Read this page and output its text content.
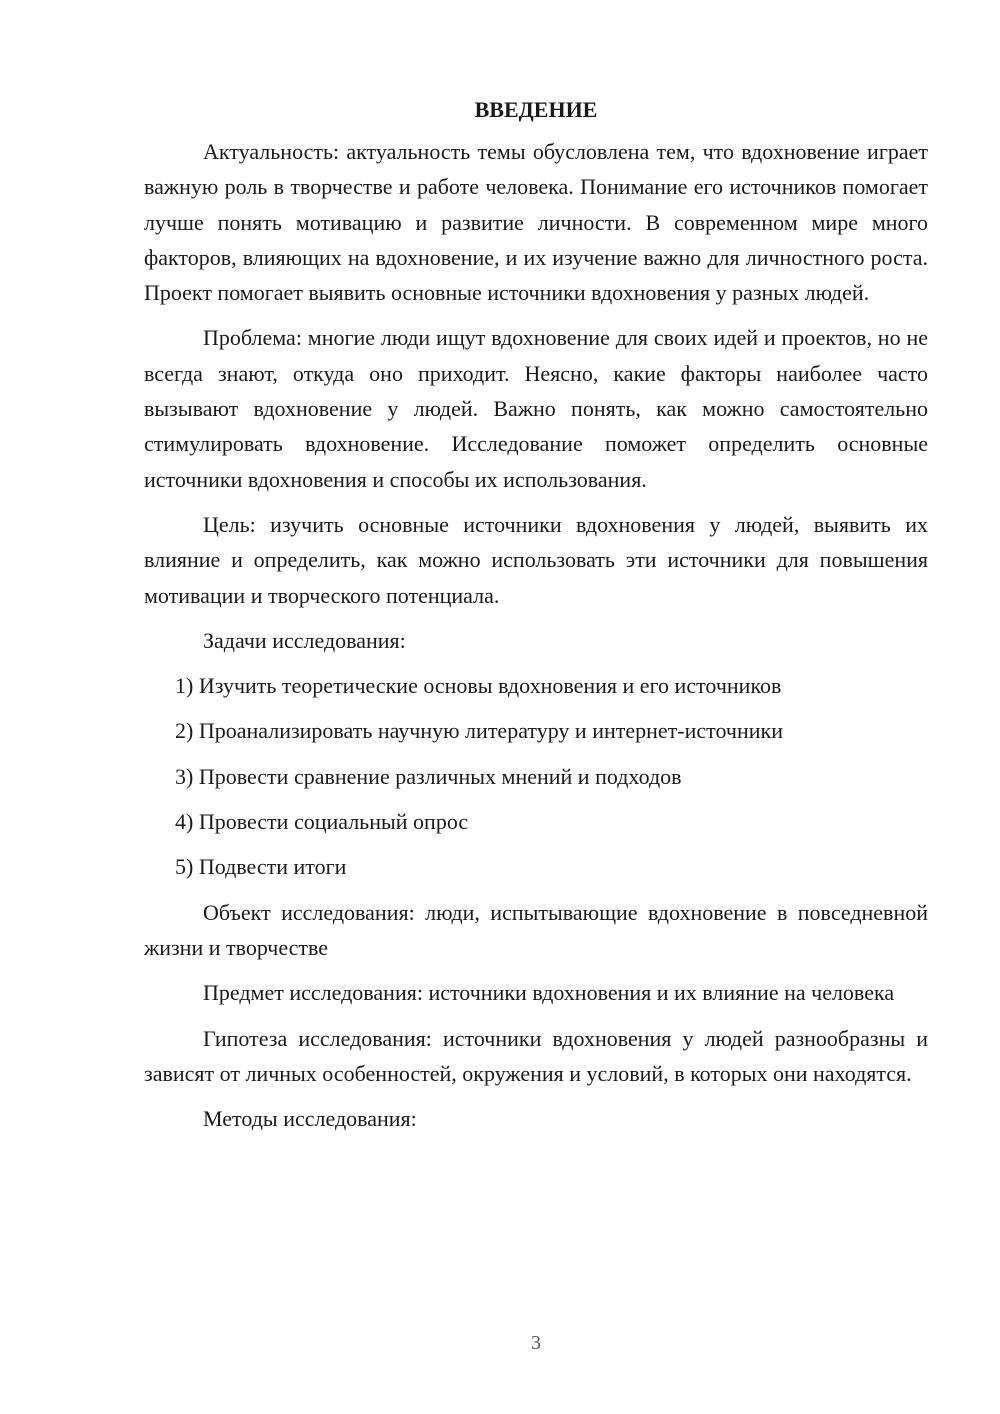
ВВЕДЕНИЕ

Актуальность: актуальность темы обусловлена тем, что вдохновение играет важную роль в творчестве и работе человека. Понимание его источников помогает лучше понять мотивацию и развитие личности. В современном мире много факторов, влияющих на вдохновение, и их изучение важно для личностного роста. Проект помогает выявить основные источники вдохновения у разных людей.

Проблема: многие люди ищут вдохновение для своих идей и проектов, но не всегда знают, откуда оно приходит. Неясно, какие факторы наиболее часто вызывают вдохновение у людей. Важно понять, как можно самостоятельно стимулировать вдохновение. Исследование поможет определить основные источники вдохновения и способы их использования.

Цель: изучить основные источники вдохновения у людей, выявить их влияние и определить, как можно использовать эти источники для повышения мотивации и творческого потенциала.

Задачи исследования:

1) Изучить теоретические основы вдохновения и его источников

2) Проанализировать научную литературу и интернет-источники

3) Провести сравнение различных мнений и подходов

4) Провести социальный опрос

5) Подвести итоги

Объект исследования: люди, испытывающие вдохновение в повседневной жизни и творчестве

Предмет исследования: источники вдохновения и их влияние на человека

Гипотеза исследования: источники вдохновения у людей разнообразны и зависят от личных особенностей, окружения и условий, в которых они находятся.

Методы исследования:

3
